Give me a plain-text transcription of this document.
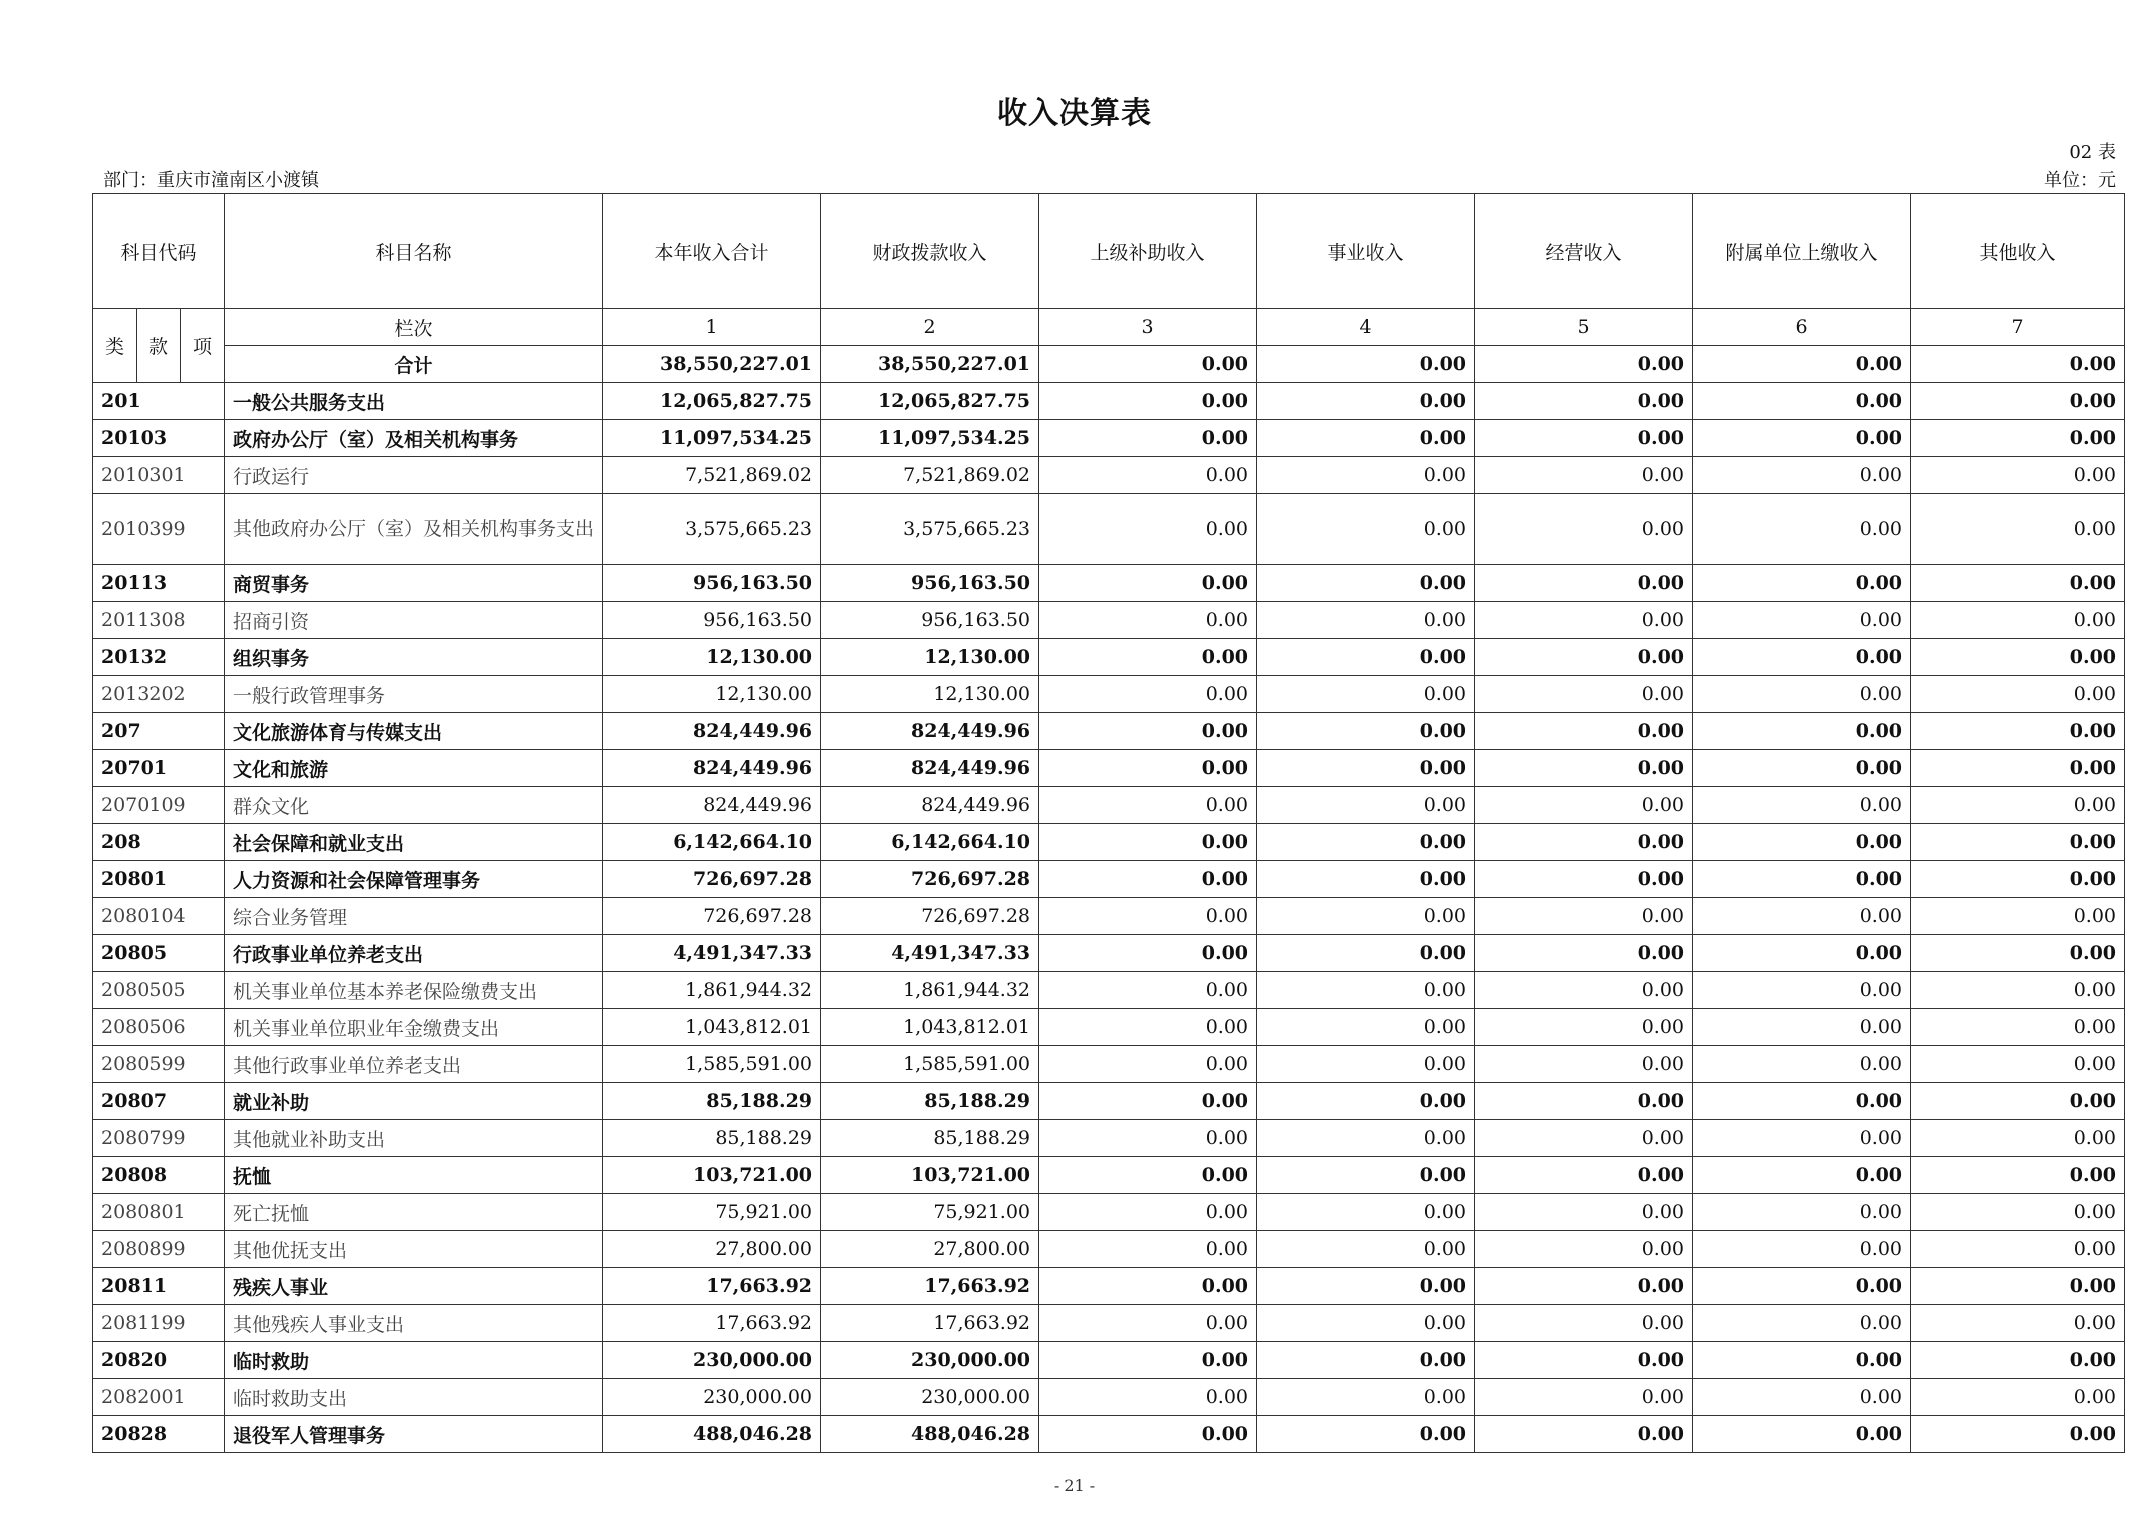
收入决算表
02 表
部门：重庆市潼南区小渡镇	单位：元
科目代码			科目名称	本年收入合计	财政拨款收入	上级补助收入	事业收入	经营收入	附属单位上缴收入	其他收入
类	款	项	栏次	1	2	3	4	5	6	7
			合计	38,550,227.01	38,550,227.01	0.00	0.00	0.00	0.00	0.00
201			一般公共服务支出	12,065,827.75	12,065,827.75	0.00	0.00	0.00	0.00	0.00
20103			政府办公厅（室）及相关机构事务	11,097,534.25	11,097,534.25	0.00	0.00	0.00	0.00	0.00
2010301			行政运行	7,521,869.02	7,521,869.02	0.00	0.00	0.00	0.00	0.00
2010399			其他政府办公厅（室）及相关机构事务支出	3,575,665.23	3,575,665.23	0.00	0.00	0.00	0.00	0.00
20113			商贸事务	956,163.50	956,163.50	0.00	0.00	0.00	0.00	0.00
2011308			招商引资	956,163.50	956,163.50	0.00	0.00	0.00	0.00	0.00
20132			组织事务	12,130.00	12,130.00	0.00	0.00	0.00	0.00	0.00
2013202			一般行政管理事务	12,130.00	12,130.00	0.00	0.00	0.00	0.00	0.00
207			文化旅游体育与传媒支出	824,449.96	824,449.96	0.00	0.00	0.00	0.00	0.00
20701			文化和旅游	824,449.96	824,449.96	0.00	0.00	0.00	0.00	0.00
2070109			群众文化	824,449.96	824,449.96	0.00	0.00	0.00	0.00	0.00
208			社会保障和就业支出	6,142,664.10	6,142,664.10	0.00	0.00	0.00	0.00	0.00
20801			人力资源和社会保障管理事务	726,697.28	726,697.28	0.00	0.00	0.00	0.00	0.00
2080104			综合业务管理	726,697.28	726,697.28	0.00	0.00	0.00	0.00	0.00
20805			行政事业单位养老支出	4,491,347.33	4,491,347.33	0.00	0.00	0.00	0.00	0.00
2080505			机关事业单位基本养老保险缴费支出	1,861,944.32	1,861,944.32	0.00	0.00	0.00	0.00	0.00
2080506			机关事业单位职业年金缴费支出	1,043,812.01	1,043,812.01	0.00	0.00	0.00	0.00	0.00
2080599			其他行政事业单位养老支出	1,585,591.00	1,585,591.00	0.00	0.00	0.00	0.00	0.00
20807			就业补助	85,188.29	85,188.29	0.00	0.00	0.00	0.00	0.00
2080799			其他就业补助支出	85,188.29	85,188.29	0.00	0.00	0.00	0.00	0.00
20808			抚恤	103,721.00	103,721.00	0.00	0.00	0.00	0.00	0.00
2080801			死亡抚恤	75,921.00	75,921.00	0.00	0.00	0.00	0.00	0.00
2080899			其他优抚支出	27,800.00	27,800.00	0.00	0.00	0.00	0.00	0.00
20811			残疾人事业	17,663.92	17,663.92	0.00	0.00	0.00	0.00	0.00
2081199			其他残疾人事业支出	17,663.92	17,663.92	0.00	0.00	0.00	0.00	0.00
20820			临时救助	230,000.00	230,000.00	0.00	0.00	0.00	0.00	0.00
2082001			临时救助支出	230,000.00	230,000.00	0.00	0.00	0.00	0.00	0.00
20828			退役军人管理事务	488,046.28	488,046.28	0.00	0.00	0.00	0.00	0.00
- 21 -
